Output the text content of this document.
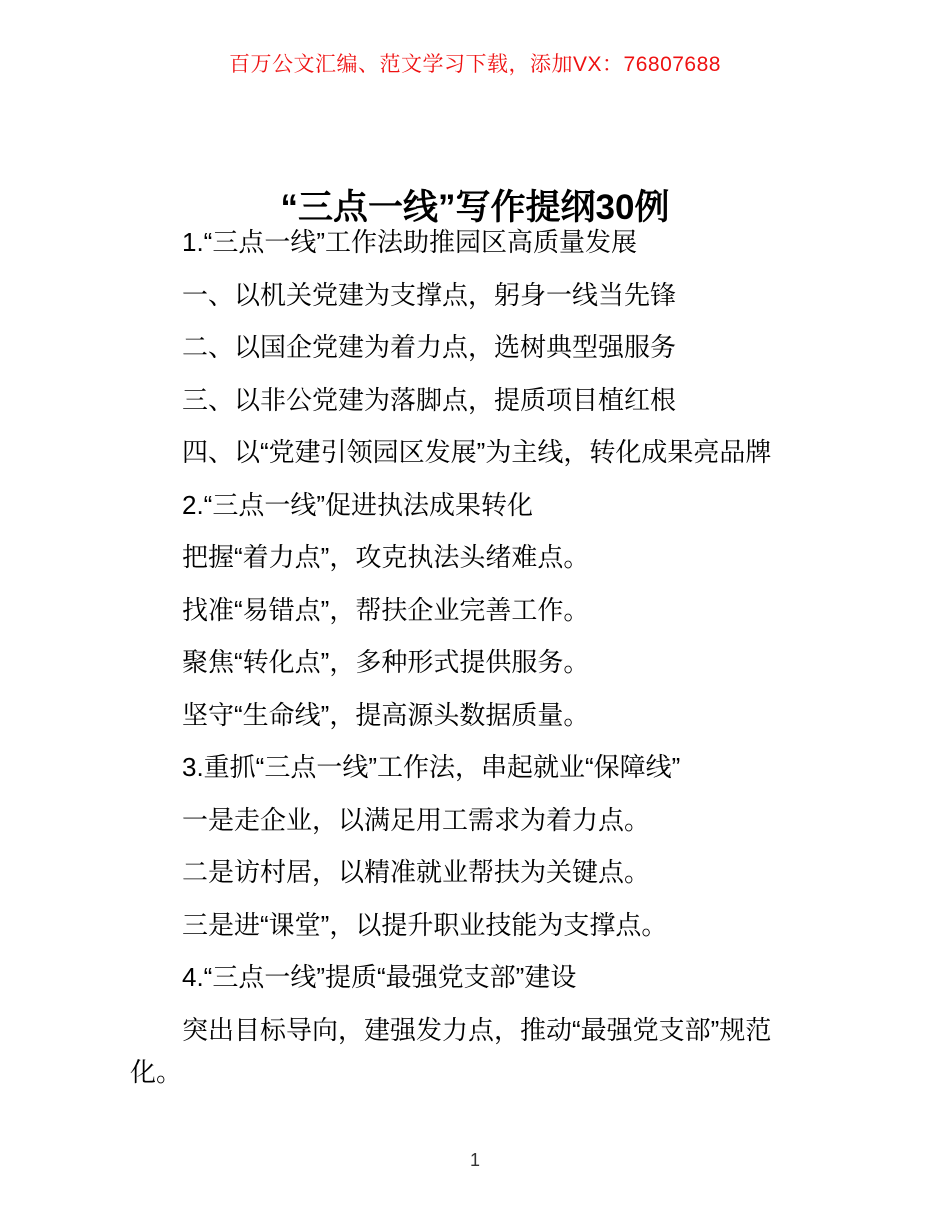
百万公文汇编、范文学习下载，添加VX：76807688
“三点一线”写作提纲30例

1.“三点一线”工作法助推园区高质量发展

一、以机关党建为支撑点，躬身一线当先锋

二、以国企党建为着力点，选树典型强服务

三、以非公党建为落脚点，提质项目植红根

四、以“党建引领园区发展”为主线，转化成果亮品牌

2.“三点一线”促进执法成果转化

把握“着力点”，攻克执法头绪难点。

找准“易错点”，帮扶企业完善工作。

聚焦“转化点”，多种形式提供服务。

坚守“生命线”，提高源头数据质量。

3.重抓“三点一线”工作法，串起就业“保障线”

一是走企业，以满足用工需求为着力点。

二是访村居，以精准就业帮扶为关键点。

三是进“课堂”，以提升职业技能为支撑点。

4.“三点一线”提质“最强党支部”建设

突出目标导向，建强发力点，推动“最强党支部”规范化。

1
